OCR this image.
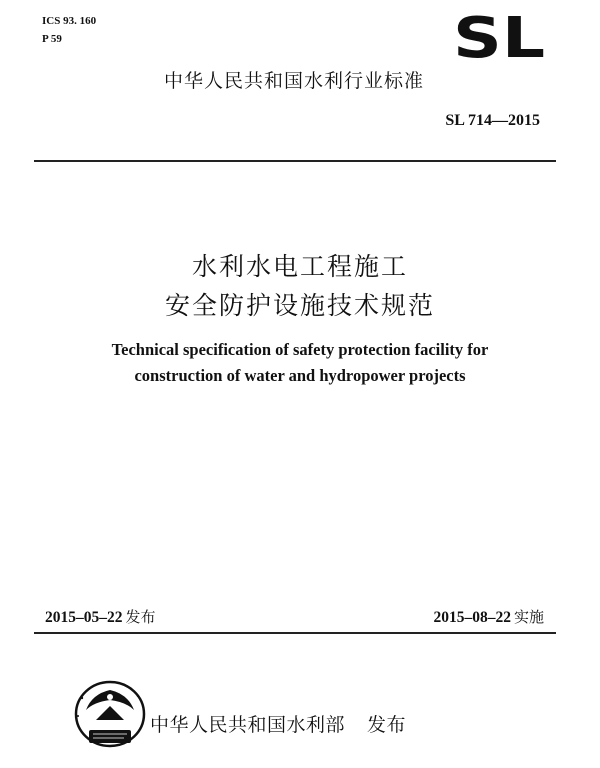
ICS 93. 160
P 59	SL
中华人民共和国水利行业标准
SL 714—2015
水利水电工程施工
安全防护设施技术规范
Technical specification of safety protection facility for
construction of water and hydropower projects
2015–05–22 发布	2015–08–22 实施
中华人民共和国水利部 发布
